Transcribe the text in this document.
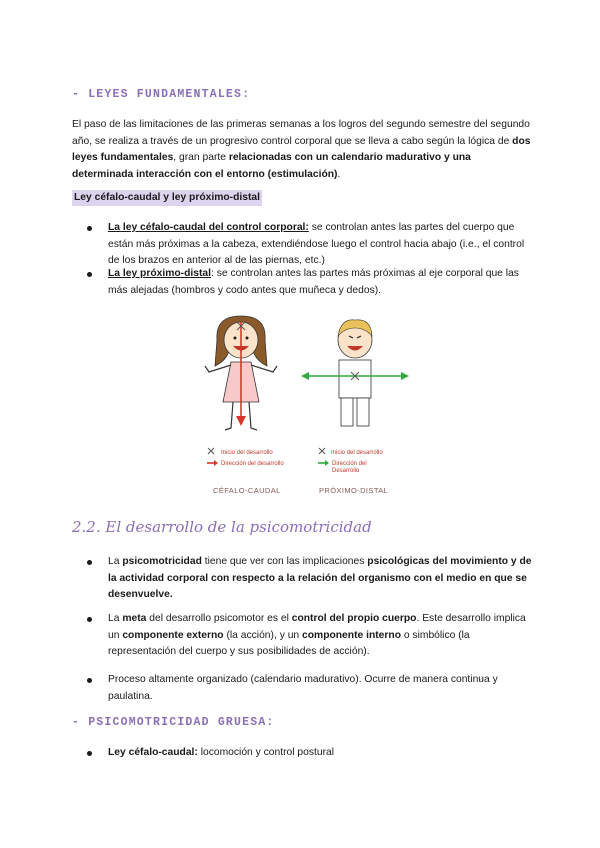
- LEYES FUNDAMENTALES:
El paso de las limitaciones de las primeras semanas a los logros del segundo semestre del segundo año, se realiza a través de un progresivo control corporal que se lleva a cabo según la lógica de dos leyes fundamentales, gran parte relacionadas con un calendario madurativo y una determinada interacción con el entorno (estimulación).
Ley céfalo-caudal y ley próximo-distal
La ley céfalo-caudal del control corporal: se controlan antes las partes del cuerpo que están más próximas a la cabeza, extendiéndose luego el control hacia abajo (i.e., el control de los brazos en anterior al de las piernas, etc.)
La ley próximo-distal: se controlan antes las partes más próximas al eje corporal que las más alejadas (hombros y codo antes que muñeca y dedos).
Inicio del desarrollo
Dirección del desarrollo
Inicio del desarrollo
Dirección del
Desarrollo
CÉFALO-CAUDAL	PRÓXIMO-DISTAL
2.2. El desarrollo de la psicomotricidad
La psicomotricidad tiene que ver con las implicaciones psicológicas del movimiento y de la actividad corporal con respecto a la relación del organismo con el medio en que se desenvuelve.
La meta del desarrollo psicomotor es el control del propio cuerpo. Este desarrollo implica un componente externo (la acción), y un componente interno o simbólico (la representación del cuerpo y sus posibilidades de acción).
Proceso altamente organizado (calendario madurativo). Ocurre de manera continua y paulatina.
- PSICOMOTRICIDAD GRUESA:
Ley céfalo-caudal: locomoción y control postural
